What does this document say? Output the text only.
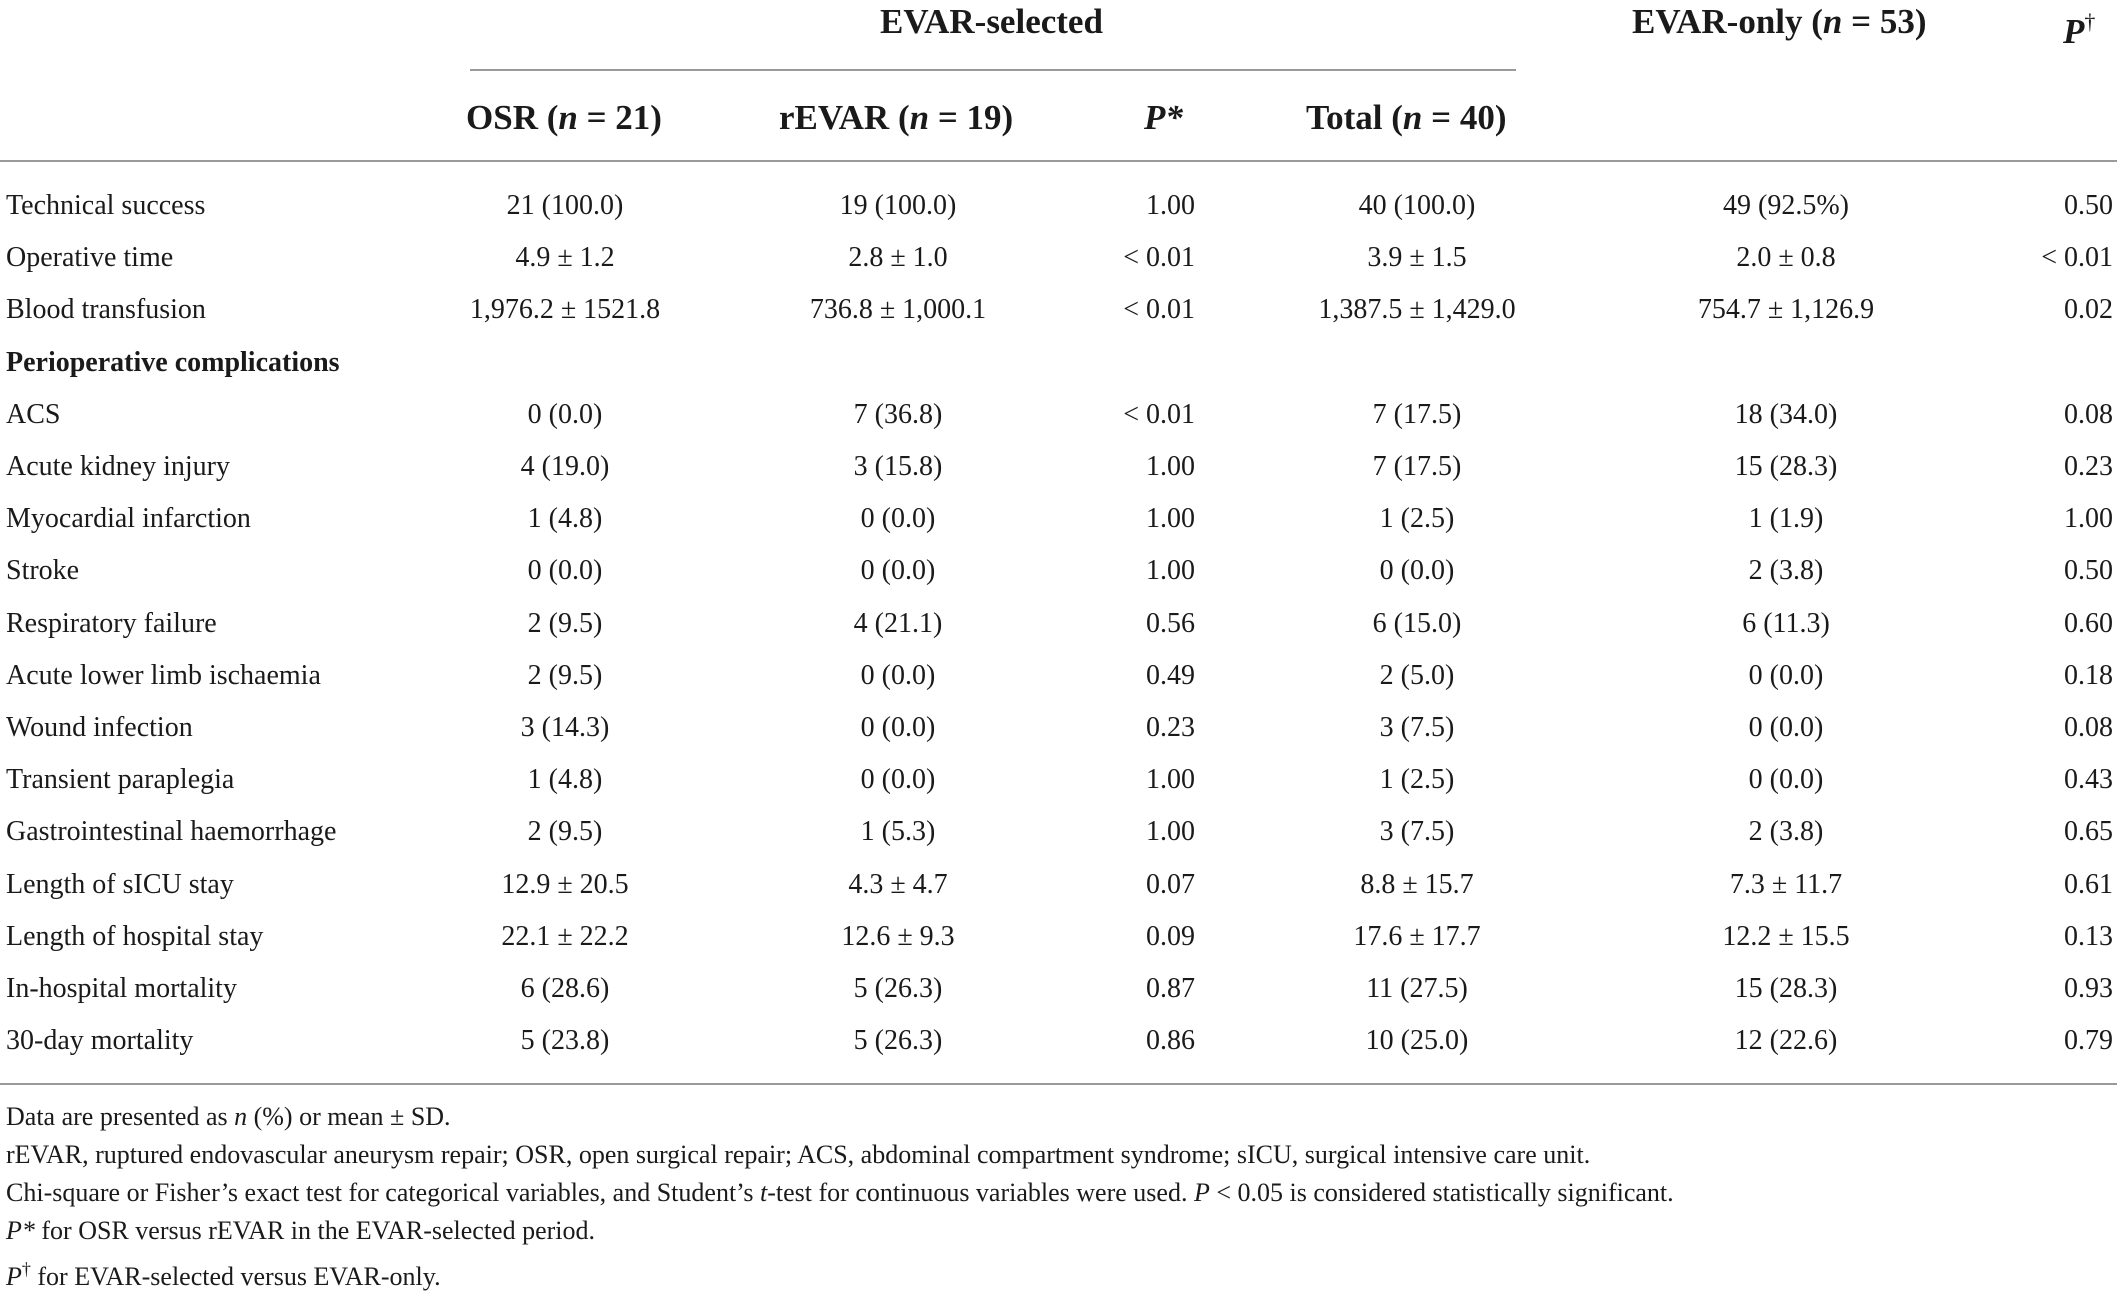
EVAR-selected	EVAR-only (n = 53)	P†
OSR (n = 21)	rEVAR (n = 19)	P*	Total (n = 40)
Technical success	21 (100.0)	19 (100.0)	1.00	40 (100.0)	49 (92.5%)	0.50
Operative time	4.9 ± 1.2	2.8 ± 1.0	< 0.01	3.9 ± 1.5	2.0 ± 0.8	< 0.01
Blood transfusion	1,976.2 ± 1521.8	736.8 ± 1,000.1	< 0.01	1,387.5 ± 1,429.0	754.7 ± 1,126.9	0.02
Perioperative complications
ACS	0 (0.0)	7 (36.8)	< 0.01	7 (17.5)	18 (34.0)	0.08
Acute kidney injury	4 (19.0)	3 (15.8)	1.00	7 (17.5)	15 (28.3)	0.23
Myocardial infarction	1 (4.8)	0 (0.0)	1.00	1 (2.5)	1 (1.9)	1.00
Stroke	0 (0.0)	0 (0.0)	1.00	0 (0.0)	2 (3.8)	0.50
Respiratory failure	2 (9.5)	4 (21.1)	0.56	6 (15.0)	6 (11.3)	0.60
Acute lower limb ischaemia	2 (9.5)	0 (0.0)	0.49	2 (5.0)	0 (0.0)	0.18
Wound infection	3 (14.3)	0 (0.0)	0.23	3 (7.5)	0 (0.0)	0.08
Transient paraplegia	1 (4.8)	0 (0.0)	1.00	1 (2.5)	0 (0.0)	0.43
Gastrointestinal haemorrhage	2 (9.5)	1 (5.3)	1.00	3 (7.5)	2 (3.8)	0.65
Length of sICU stay	12.9 ± 20.5	4.3 ± 4.7	0.07	8.8 ± 15.7	7.3 ± 11.7	0.61
Length of hospital stay	22.1 ± 22.2	12.6 ± 9.3	0.09	17.6 ± 17.7	12.2 ± 15.5	0.13
In-hospital mortality	6 (28.6)	5 (26.3)	0.87	11 (27.5)	15 (28.3)	0.93
30-day mortality	5 (23.8)	5 (26.3)	0.86	10 (25.0)	12 (22.6)	0.79
Data are presented as n (%) or mean ± SD.
rEVAR, ruptured endovascular aneurysm repair; OSR, open surgical repair; ACS, abdominal compartment syndrome; sICU, surgical intensive care unit.
Chi-square or Fisher’s exact test for categorical variables, and Student’s t-test for continuous variables were used. P < 0.05 is considered statistically significant.
P* for OSR versus rEVAR in the EVAR-selected period.
P† for EVAR-selected versus EVAR-only.
